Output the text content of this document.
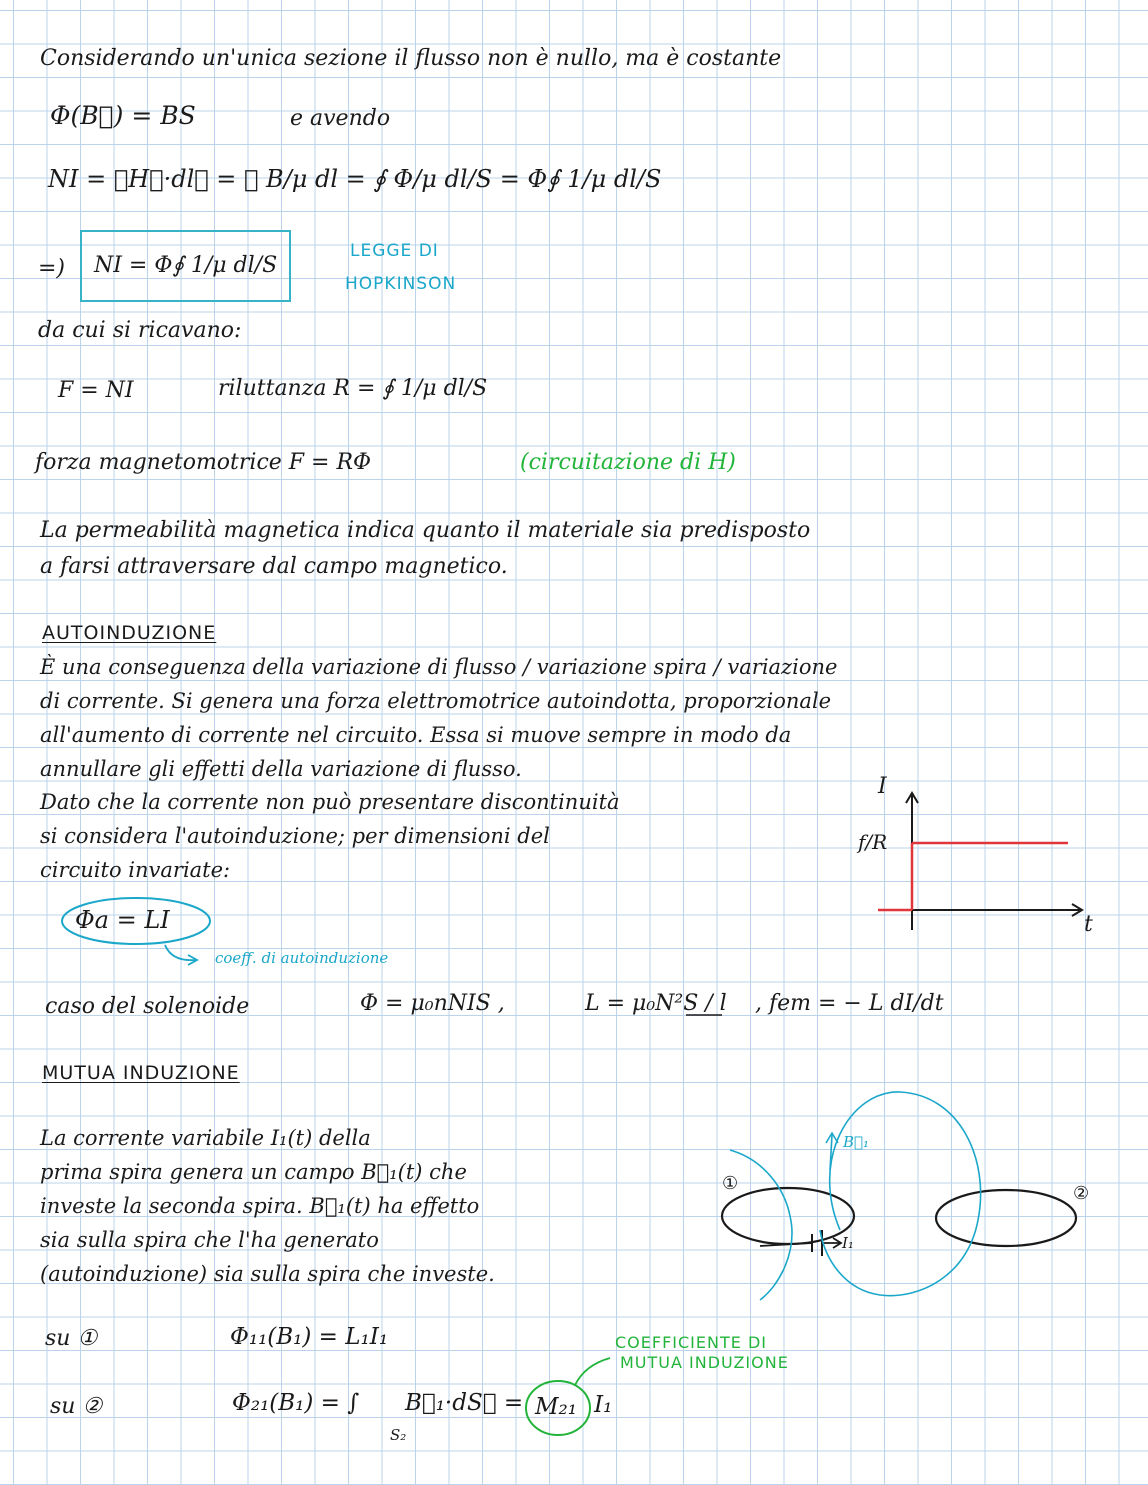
Considerando un'unica sezione il flusso non è nullo, ma è costante
Φ(B⃗) = BS	e avendo
NI = ∮H⃗·dl⃗ = ∮ B/μ dl = ∮ Φ/μ dl/S = Φ∮ 1/μ dl/S
=)	NI = Φ∮ 1/μ dl/S
LEGGE DI
HOPKINSON
da cui si ricavano:
F = NI	riluttanza R = ∮ 1/μ dl/S
forza magnetomotrice F = RΦ	(circuitazione di H)
La permeabilità magnetica indica quanto il materiale sia predisposto
a farsi attraversare dal campo magnetico.
AUTOINDUZIONE
È una conseguenza della variazione di flusso / variazione spira / variazione
di corrente. Si genera una forza elettromotrice autoindotta, proporzionale
all'aumento di corrente nel circuito. Essa si muove sempre in modo da
annullare gli effetti della variazione di flusso.
Dato che la corrente non può presentare discontinuità
si considera l'autoinduzione; per dimensioni del
circuito invariate:
Φa = LI
coeff. di autoinduzione
caso del solenoide	Φ = μ₀nNIS ,	L = μ₀N²S / l , fem = − L dI/dt
I
f/R
t
MUTUA INDUZIONE
La corrente variabile I₁(t) della
prima spira genera un campo B⃗₁(t) che
investe la seconda spira. B⃗₁(t) ha effetto
sia sulla spira che l'ha generato
(autoinduzione) sia sulla spira che investe.
su ①	Φ₁₁(B₁) = L₁I₁
su ②	Φ₂₁(B₁) = ∫
S₂
B⃗₁·dS⃗ = M₂₁ I₁
COEFFICIENTE DI
MUTUA INDUZIONE
①	②
B⃗₁
I₁
